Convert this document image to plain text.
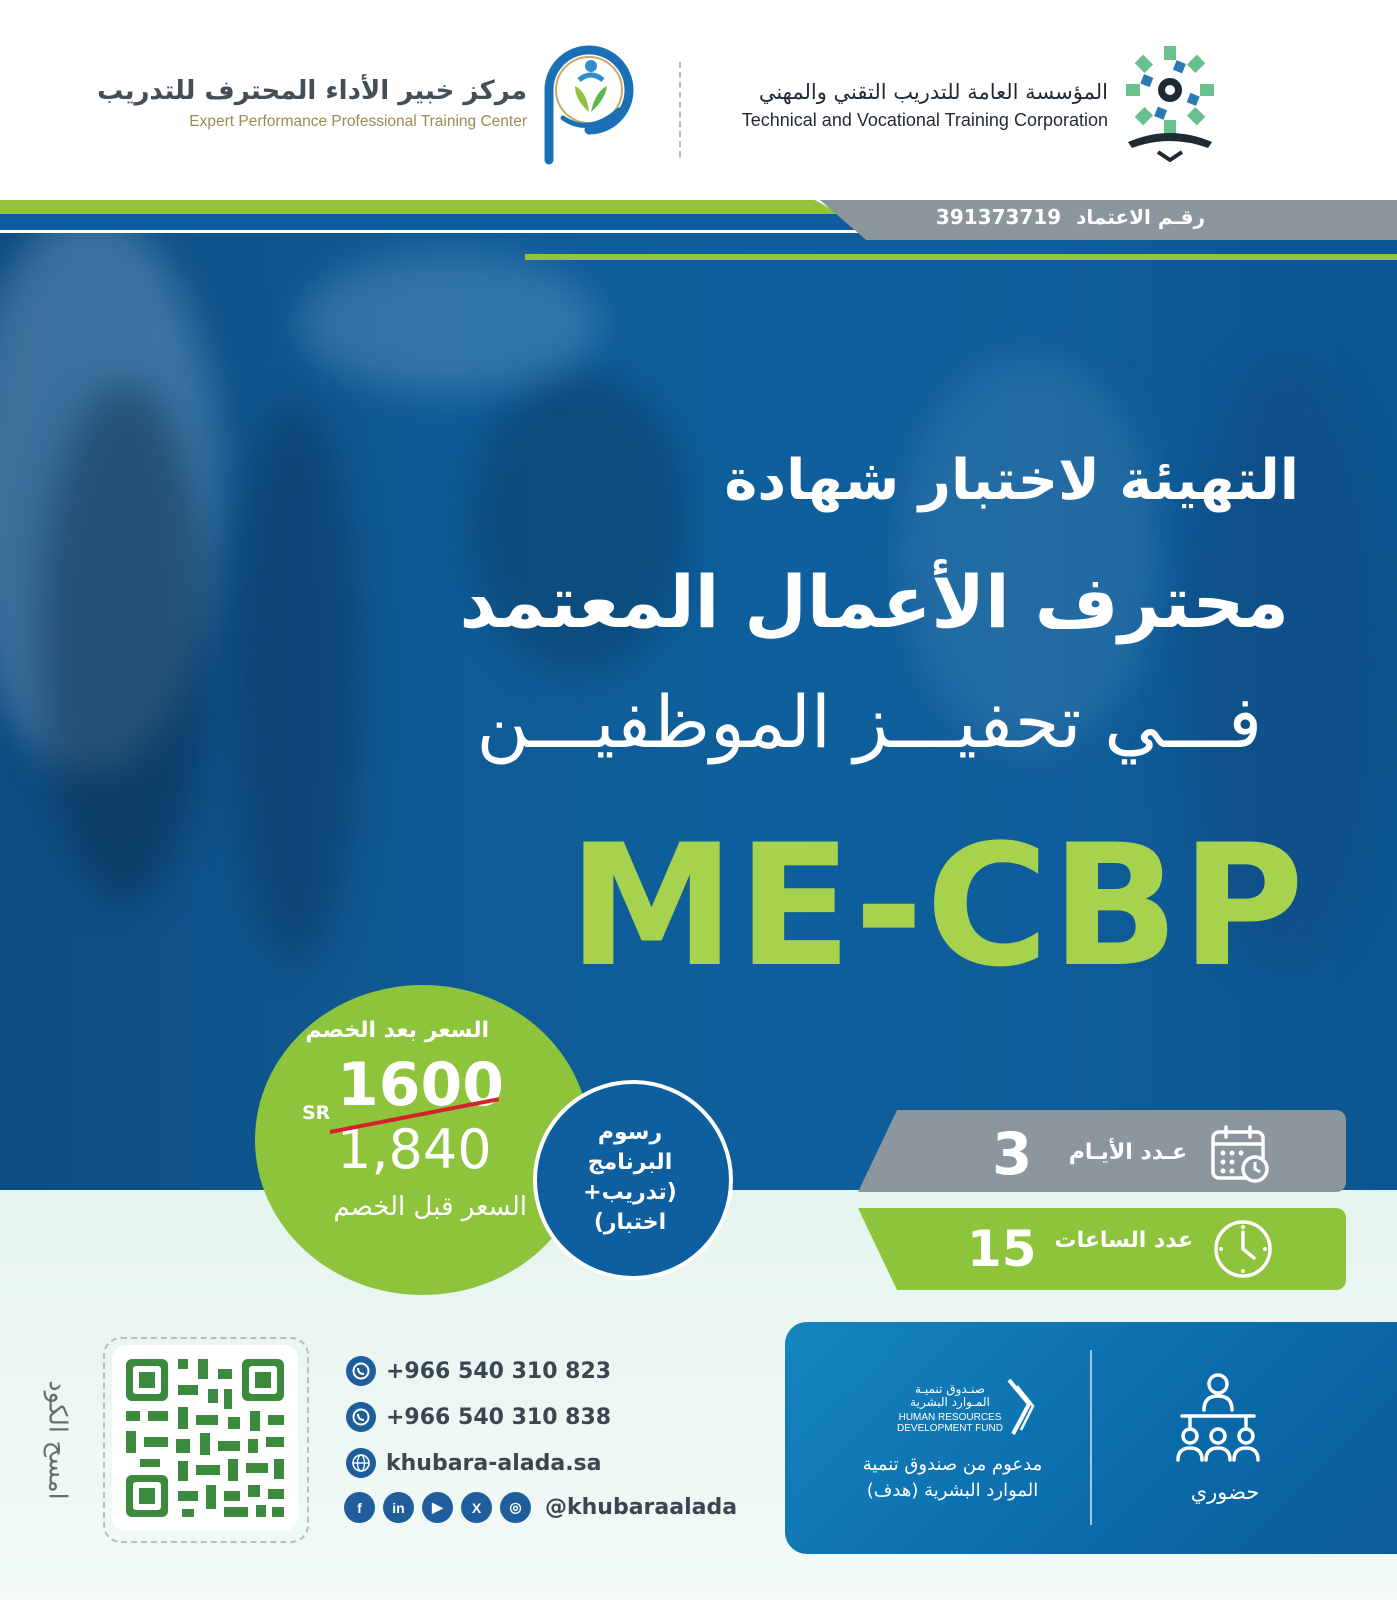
المؤسسة العامة للتدريب التقني والمهني
Technical and Vocational Training Corporation
مركز خبير الأداء المحترف للتدريب
Expert Performance Professional Training Center
رقـم الاعتماد 391373719
التهيئة لاختبار شهادة
محترف الأعمال المعتمد
فـــي تحفيـــز الموظفيـــن
ME-CBP
السعر بعد الخصم
1600
SR
1,840
السعر قبل الخصم
رسوم
البرنامج
(تدريب+
اختبار)
عـدد الأيـام
3
عدد الساعات
15
صنـدوق تنميـة
المـوارد البشرية
HUMAN RESOURCES
DEVELOPMENT FUND
مدعوم من صندوق تنمية
الموارد البشرية (هدف)	حضوري
+966 540 310 823
+966 540 310 838
khubara-alada.sa
f	in	▶	X	◎	@khubaraalada
امسح الكود
